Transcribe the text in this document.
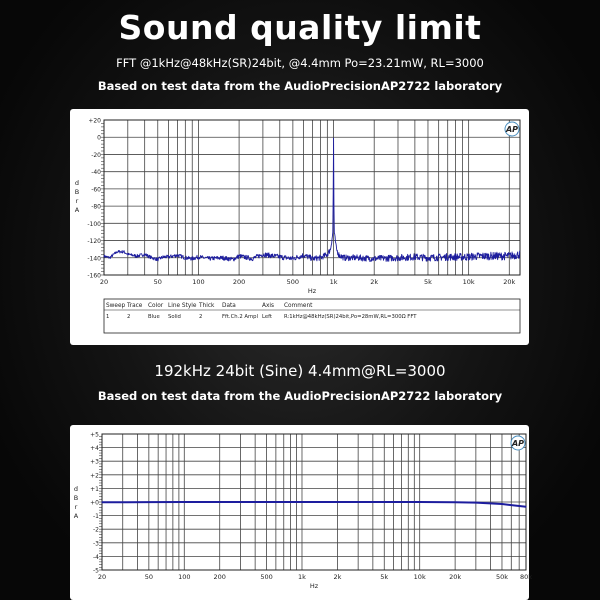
Sound quality limit
FFT @1kHz@48kHz(SR)24bit, @4.4mm Po=23.21mW, RL=3000
Based on test data from the AudioPrecisionAP2722 laboratory
192kHz 24bit (Sine) 4.4mm@RL=3000
Based on test data from the AudioPrecisionAP2722 laboratory
+20
0
-20
-40
-60
-80
-100
-120
-140
-160
20	50	100	200	500	1k	2k	5k	10k	20k
Hz
d
B
r
A
AP
Sweep Trace Color Line Style Thick Data	Axis Comment
1	2	Blue Solid	2	Fft.Ch.2 Ampl Left R:1kHz@48kHz(SR)24bit,Po=28mW,RL=300Ω FFT
+5
+4
+3
+2
+1
+0
-1
-2
-3
-4
-5
20	50	100	200	500	1k	2k	5k	10k	20k	50k 80k
Hz
d
B
r
A
AP
